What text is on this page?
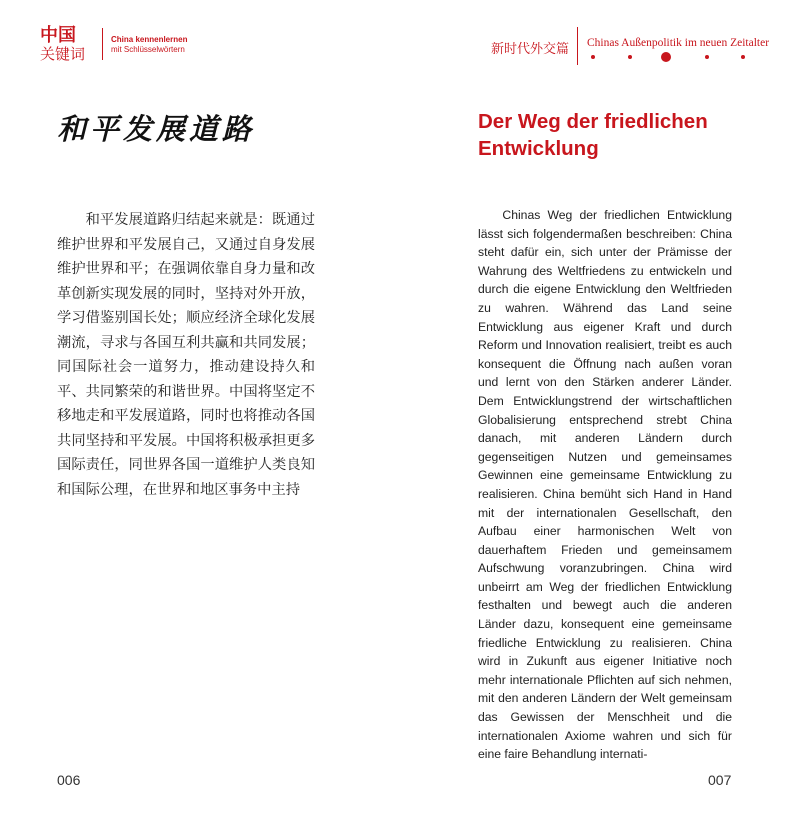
中国
关键词
China kennenlernen
mit Schlüsselwörtern
和平发展道路
和平发展道路归结起来就是：既通过维护世界和平发展自己，又通过自身发展维护世界和平；在强调依靠自身力量和改革创新实现发展的同时，坚持对外开放，学习借鉴别国长处；顺应经济全球化发展潮流，寻求与各国互利共赢和共同发展；同国际社会一道努力，推动建设持久和平、共同繁荣的和谐世界。中国将坚定不移地走和平发展道路，同时也将推动各国共同坚持和平发展。中国将积极承担更多国际责任，同世界各国一道维护人类良知和国际公理，在世界和地区事务中主持
006
新时代外交篇 Chinas Außenpolitik im neuen Zeitalter
Der Weg der friedlichen Entwicklung

Chinas Weg der friedlichen Entwicklung lässt sich folgendermaßen beschreiben: China steht dafür ein, sich unter der Prämisse der Wahrung des Weltfriedens zu entwickeln und durch die eigene Entwicklung den Weltfrieden zu wahren. Während das Land seine Entwicklung aus eigener Kraft und durch Reform und Innovation realisiert, treibt es auch konsequent die Öffnung nach außen voran und lernt von den Stärken anderer Länder. Dem Entwicklungstrend der wirtschaftlichen Globalisierung entsprechend strebt China danach, mit anderen Ländern durch gegenseitigen Nutzen und gemeinsames Gewinnen eine gemeinsame Entwicklung zu realisieren. China bemüht sich Hand in Hand mit der internationalen Gesellschaft, den Aufbau einer harmonischen Welt von dauerhaftem Frieden und gemeinsamem Aufschwung voranzubringen. China wird unbeirrt am Weg der friedlichen Entwicklung festhalten und bewegt auch die anderen Länder dazu, konsequent eine gemeinsame friedliche Entwicklung zu realisieren. China wird in Zukunft aus eigener Initiative noch mehr internationale Pflichten auf sich nehmen, mit den anderen Ländern der Welt gemeinsam das Gewissen der Menschheit und die internationalen Axiome wahren und sich für eine faire Behandlung internati-

007
